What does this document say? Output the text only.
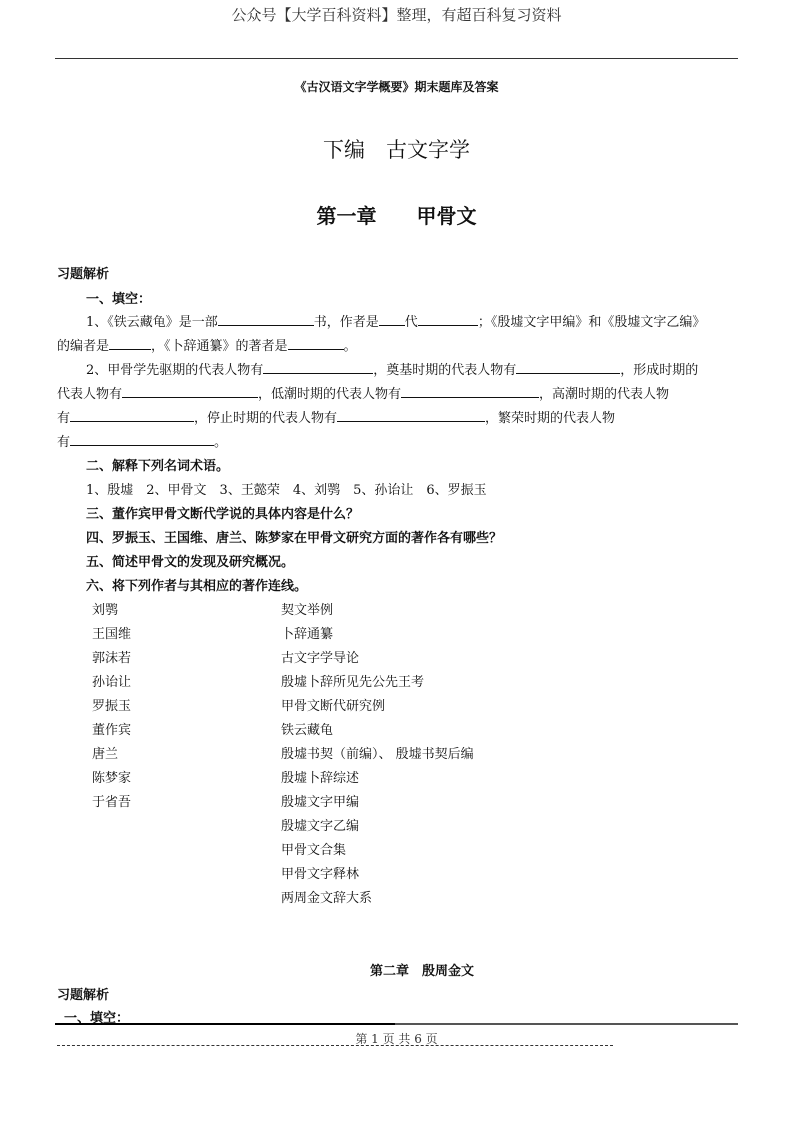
公众号【大学百科资料】整理，有超百科复习资料
《古汉语文字学概要》期末题库及答案
下编　古文字学
第一章　　甲骨文
习题解析
一、填空：
1、《铁云藏龟》是一部	书，作者是 代	；《殷墟文字甲编》和《殷墟文字乙编》
的编者是	，《卜辞通纂》的著者是	。
2、甲骨学先驱期的代表人物有	，奠基时期的代表人物有	，形成时期的
代表人物有	，低潮时期的代表人物有	，高潮时期的代表人物
有	，停止时期的代表人物有	，繁荣时期的代表人物
有	。
二、解释下列名词术语。
1、殷墟　2、甲骨文　3、王懿荣　4、刘鹗　5、孙诒让　6、罗振玉
三、董作宾甲骨文断代学说的具体内容是什么？
四、罗振玉、王国维、唐兰、陈梦家在甲骨文研究方面的著作各有哪些？
五、简述甲骨文的发现及研究概况。
六、将下列作者与其相应的著作连线。
刘鹗
王国维
郭沫若
孙诒让
罗振玉
董作宾
唐兰
陈梦家
于省吾
契文举例
卜辞通纂
古文字学导论
殷墟卜辞所见先公先王考
甲骨文断代研究例
铁云藏龟
殷墟书契（前编）、 殷墟书契后编
殷墟卜辞综述
殷墟文字甲编
殷墟文字乙编
甲骨文合集
甲骨文字释林
两周金文辞大系
第二章　殷周金文
习题解析
一、填空：
第 1 页 共 6 页
